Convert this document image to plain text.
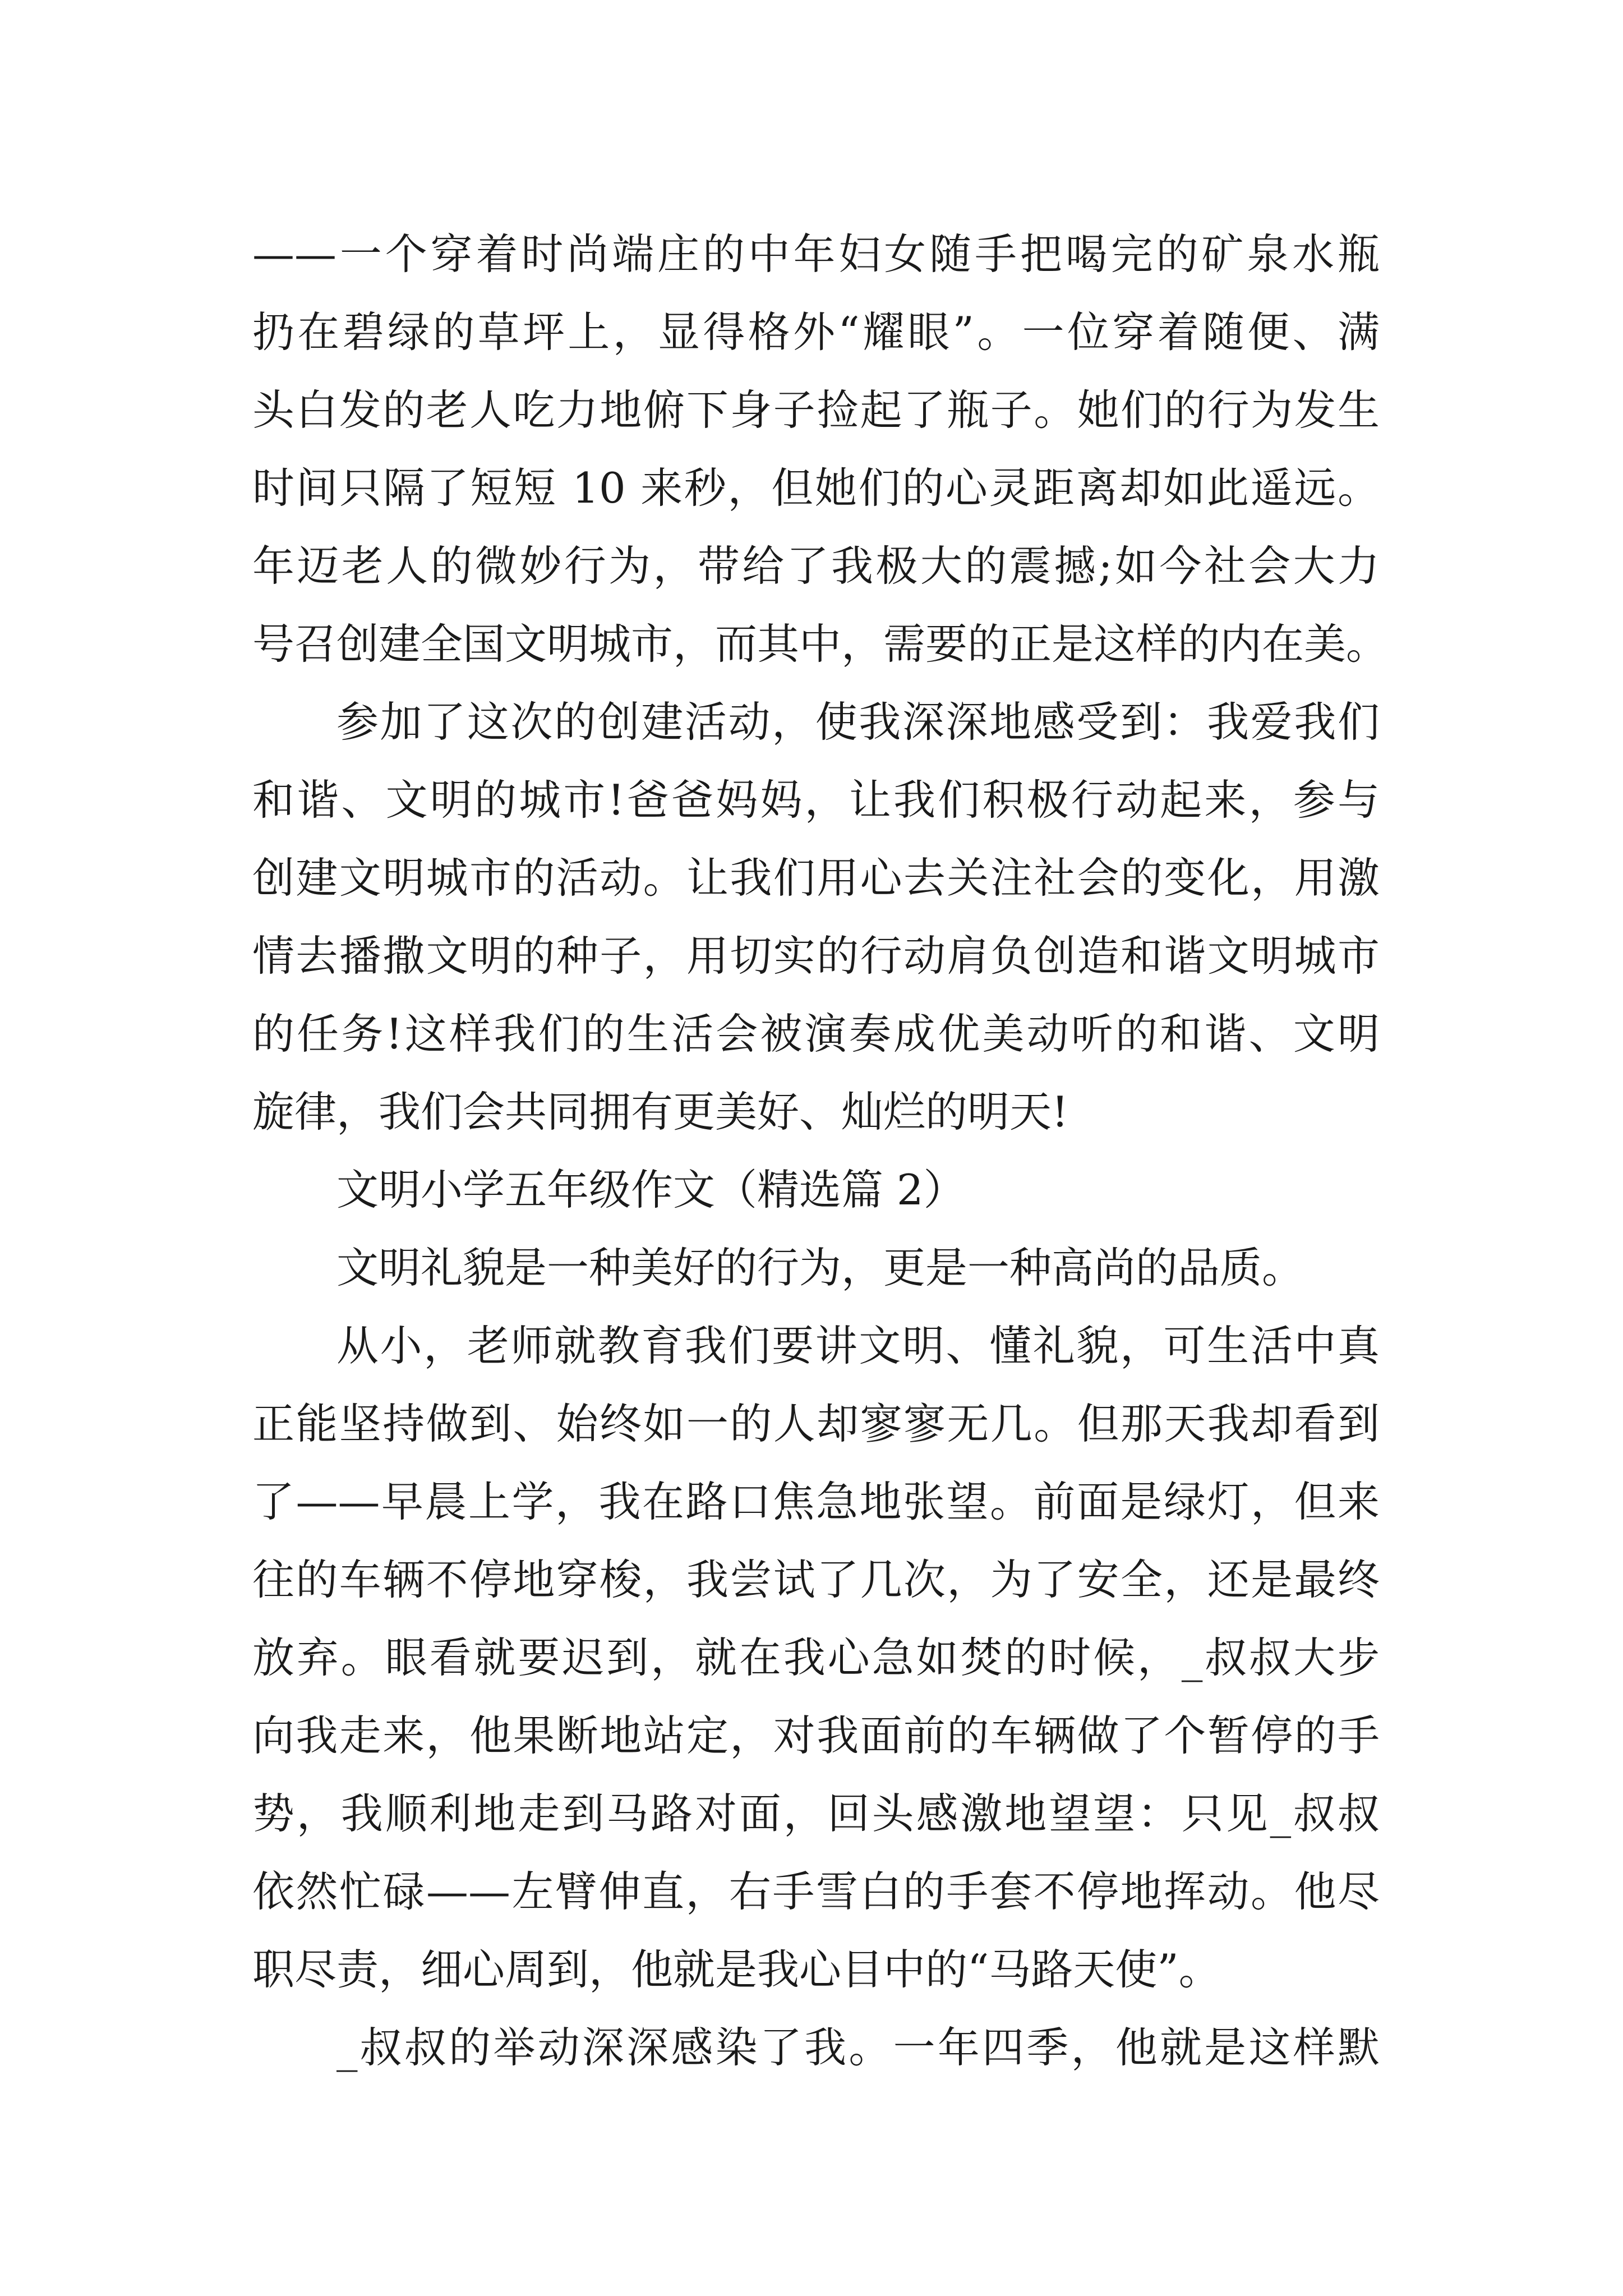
——一个穿着时尚端庄的中年妇女随手把喝完的矿泉水瓶
扔在碧绿的草坪上，显得格外“耀眼”。一位穿着随便、满
头白发的老人吃力地俯下身子捡起了瓶子。她们的行为发生
时间只隔了短短 10 来秒，但她们的心灵距离却如此遥远。
年迈老人的微妙行为，带给了我极大的震撼;如今社会大力
号召创建全国文明城市，而其中，需要的正是这样的内在美。
参加了这次的创建活动，使我深深地感受到：我爱我们
和谐、文明的城市!爸爸妈妈，让我们积极行动起来，参与
创建文明城市的活动。让我们用心去关注社会的变化，用激
情去播撒文明的种子，用切实的行动肩负创造和谐文明城市
的任务!这样我们的生活会被演奏成优美动听的和谐、文明
旋律，我们会共同拥有更美好、灿烂的明天!
文明小学五年级作文（精选篇 2）
文明礼貌是一种美好的行为，更是一种高尚的品质。
从小，老师就教育我们要讲文明、懂礼貌，可生活中真
正能坚持做到、始终如一的人却寥寥无几。但那天我却看到
了——早晨上学，我在路口焦急地张望。前面是绿灯，但来
往的车辆不停地穿梭，我尝试了几次，为了安全，还是最终
放弃。眼看就要迟到，就在我心急如焚的时候，_叔叔大步
向我走来，他果断地站定，对我面前的车辆做了个暂停的手
势，我顺利地走到马路对面，回头感激地望望：只见_叔叔
依然忙碌——左臂伸直，右手雪白的手套不停地挥动。他尽
职尽责，细心周到，他就是我心目中的“马路天使”。
_叔叔的举动深深感染了我。一年四季，他就是这样默
